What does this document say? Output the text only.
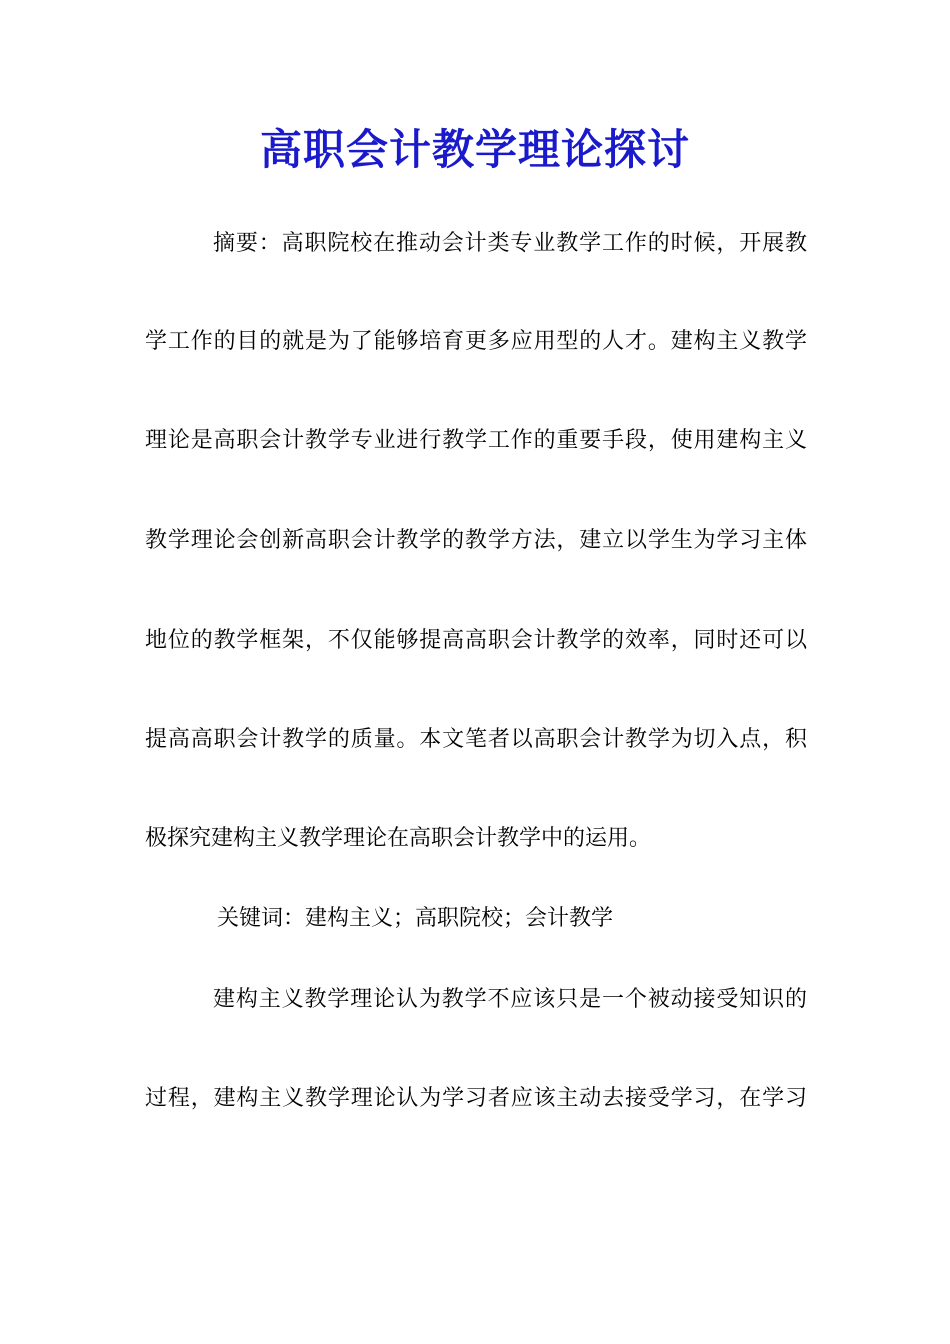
高职会计教学理论探讨

摘要：高职院校在推动会计类专业教学工作的时候，开展教

学工作的目的就是为了能够培育更多应用型的人才。建构主义教学

理论是高职会计教学专业进行教学工作的重要手段，使用建构主义

教学理论会创新高职会计教学的教学方法，建立以学生为学习主体

地位的教学框架，不仅能够提高高职会计教学的效率，同时还可以

提高高职会计教学的质量。本文笔者以高职会计教学为切入点，积

极探究建构主义教学理论在高职会计教学中的运用。

关键词：建构主义；高职院校；会计教学

建构主义教学理论认为教学不应该只是一个被动接受知识的

过程，建构主义教学理论认为学习者应该主动去接受学习，在学习
